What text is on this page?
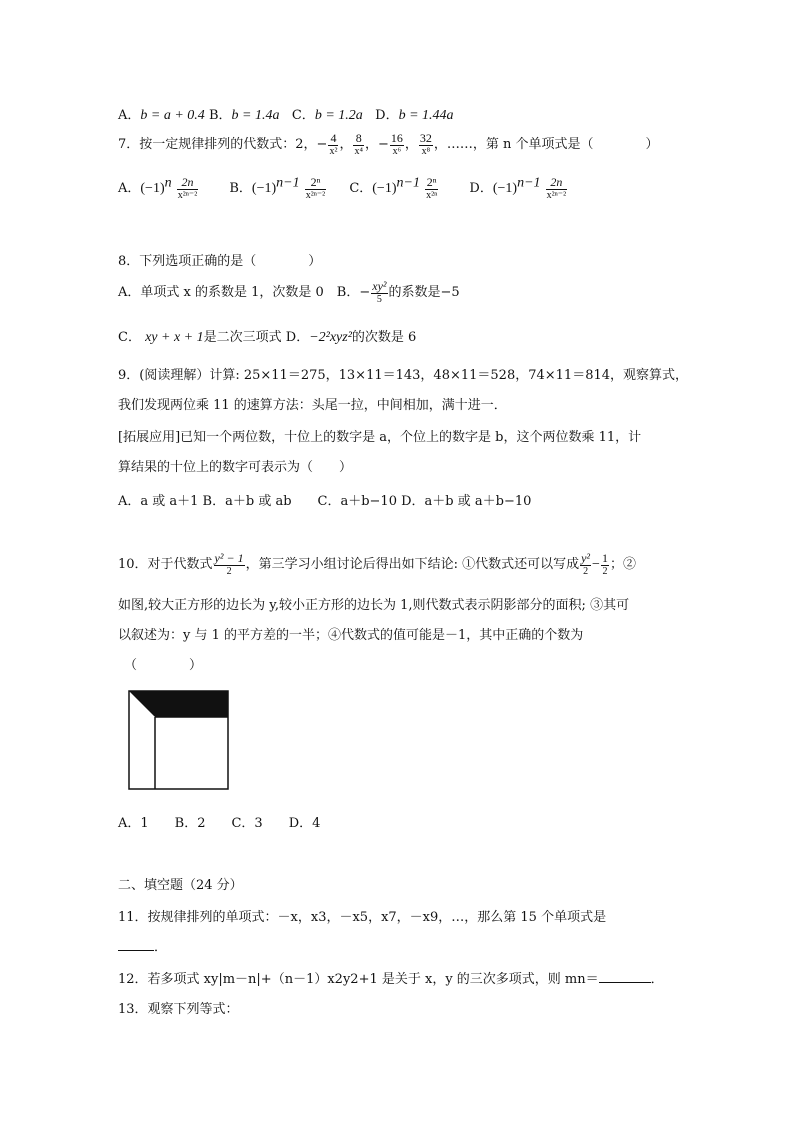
A．b = a + 0.4 B．b = 1.4a C．b = 1.2a D．b = 1.44a
7．按一定规律排列的代数式：2，− $\frac{4}{\text{x²}}$ ， $\frac{8}{\text{x⁴}}$ ，− $\frac{16}{\text{x⁶}}$ ， $\frac{32}{\text{x⁸}}$ ，……，第 n 个单项式是（　　　　）
A．$(-1)^n \frac{2n}{\text{x²ⁿ⁻²}}$ B．$(-1)^{n-1} \frac{\text{2ⁿ}}{\text{x²ⁿ⁻²}}$ C．$(-1)^{n-1} \frac{\text{2ⁿ}}{\text{x²ⁿ}}$ D．$(-1)^{n-1} \frac{2n}{\text{x²ⁿ⁻²}}$
8．下列选项正确的是（　　　　）
A．单项式 x 的系数是 1，次数是 0　B．− $\frac{\text{xy²}}{5}$ 的系数是−5
C． xy + x + 1是二次三项式 D．−2²xyz²的次数是 6
9．(阅读理解）计算: 25×11＝275，13×11＝143，48×11＝528，74×11＝814，观察算式，
我们发现两位乘 11 的速算方法：头尾一拉，中间相加，满十进一．
[拓展应用]已知一个两位数，十位上的数字是 a，个位上的数字是 b，这个两位数乘 11，计
算结果的十位上的数字可表示为（　　）
A．a 或 a＋1 B．a＋b 或 ab　　C．a＋b−10 D．a＋b 或 a＋b−10
10．对于代数式 $\frac{\text{y² − 1}}{2}$ ，第三学习小组讨论后得出如下结论: ①代数式还可以写成 $\frac{\text{y²}}{2} - \frac{1}{2}$ ；②
如图,较大正方形的边长为 y,较小正方形的边长为 1,则代数式表示阴影部分的面积; ③其可
以叙述为：y 与 1 的平方差的一半；④代数式的值可能是－1，其中正确的个数为
（　　　　）
A．1　　B．2　　C．3　　D．4
二、填空题（24 分）
11．按规律排列的单项式：－x，x3，－x5，x7，－x9，…，那么第 15 个单项式是
．
12．若多项式 xy|m－n|+（n－1）x2y2+1 是关于 x，y 的三次多项式，则 mn＝	．
13．观察下列等式：
